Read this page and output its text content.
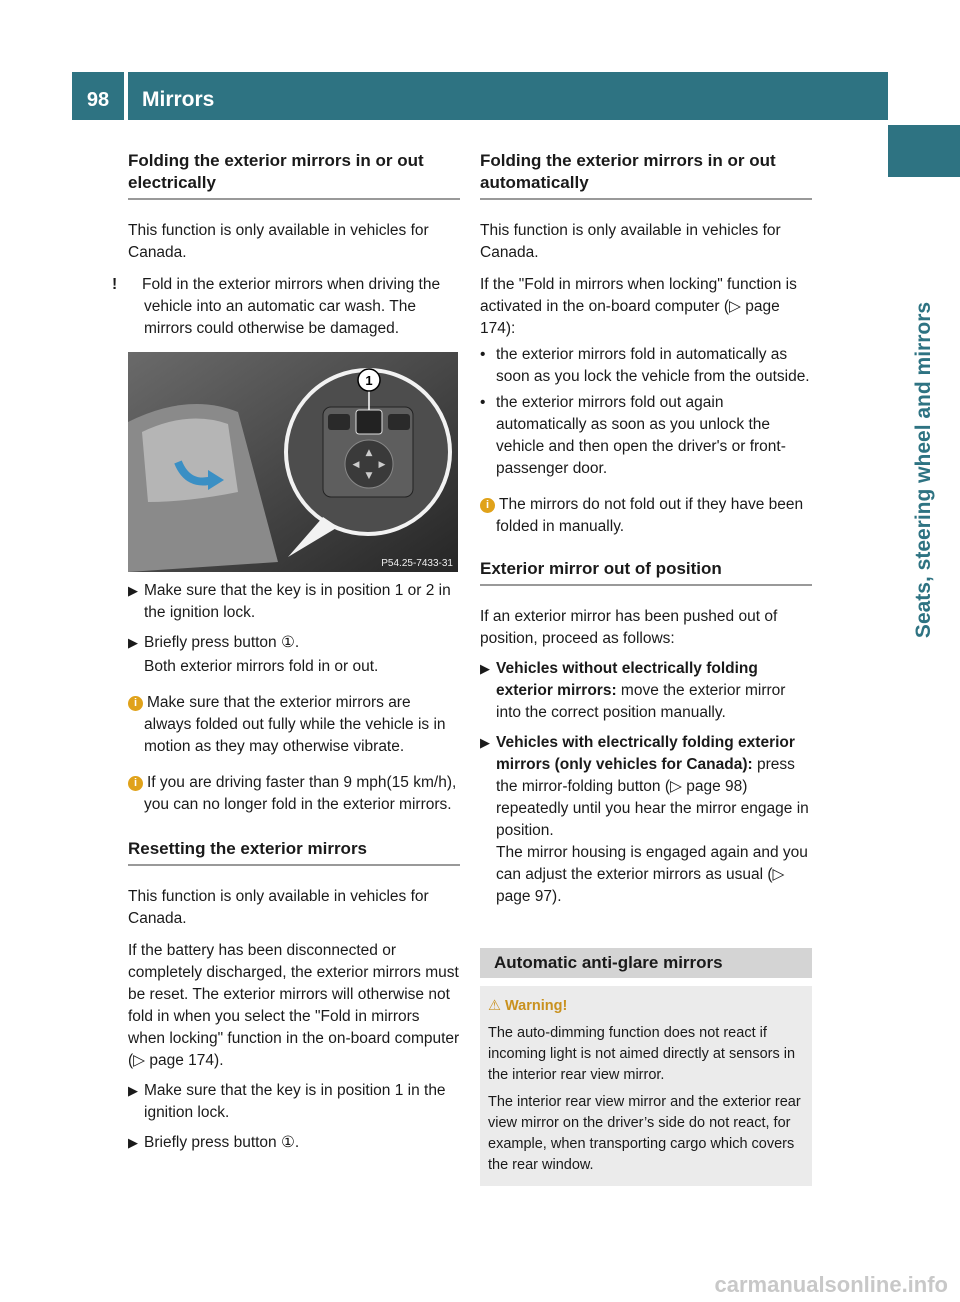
98	Mirrors
Seats, steering wheel and mirrors
Folding the exterior mirrors in or out electrically

This function is only available in vehicles for Canada.

! Fold in the exterior mirrors when driving the vehicle into an automatic car wash. The mirrors could otherwise be damaged.

▲
▼
◀ ▶
1
P54.25-7433-31

▶ Make sure that the key is in position 1 or 2 in the ignition lock.

▶ Briefly press button ①.

Both exterior mirrors fold in or out.

i Make sure that the exterior mirrors are always folded out fully while the vehicle is in motion as they may otherwise vibrate.

i If you are driving faster than 9 mph(15 km/h), you can no longer fold in the exterior mirrors.

Resetting the exterior mirrors

This function is only available in vehicles for Canada.

If the battery has been disconnected or completely discharged, the exterior mirrors must be reset. The exterior mirrors will otherwise not fold in when you select the "Fold in mirrors when locking" function in the on-board computer (▷ page 174).

▶ Make sure that the key is in position 1 in the ignition lock.

▶ Briefly press button ①.

Folding the exterior mirrors in or out automatically

This function is only available in vehicles for Canada.

If the "Fold in mirrors when locking" function is activated in the on-board computer (▷ page 174):

• the exterior mirrors fold in automatically as soon as you lock the vehicle from the outside.

• the exterior mirrors fold out again automatically as soon as you unlock the vehicle and then open the driver's or front-passenger door.

i The mirrors do not fold out if they have been folded in manually.

Exterior mirror out of position

If an exterior mirror has been pushed out of position, proceed as follows:

▶ Vehicles without electrically folding exterior mirrors: move the exterior mirror into the correct position manually.

▶ Vehicles with electrically folding exterior mirrors (only vehicles for Canada): press the mirror-folding button (▷ page 98) repeatedly until you hear the mirror engage in position.

The mirror housing is engaged again and you can adjust the exterior mirrors as usual (▷ page 97).

Automatic anti-glare mirrors
⚠ Warning!

The auto-dimming function does not react if incoming light is not aimed directly at sensors in the interior rear view mirror.

The interior rear view mirror and the exterior rear view mirror on the driver’s side do not react, for example, when transporting cargo which covers the rear window.

carmanualsonline.info
